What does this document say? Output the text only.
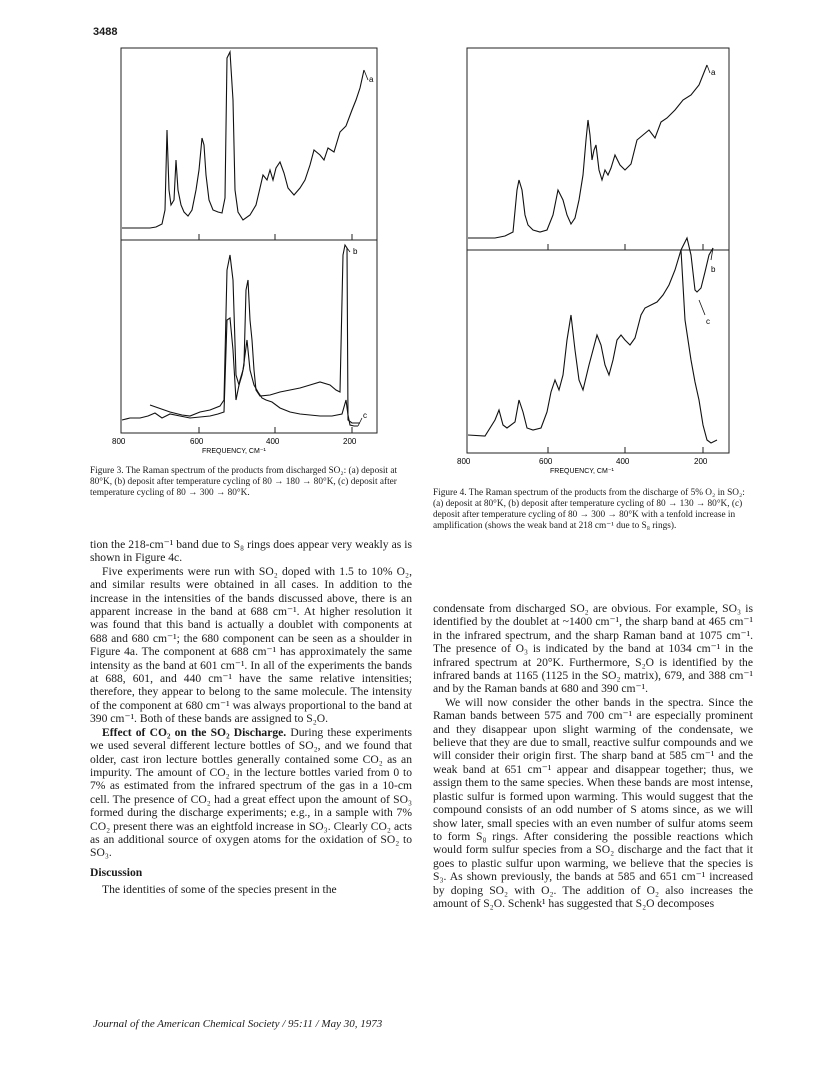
3488
a
b
c
800	600	400	200
FREQUENCY, CM⁻¹
Figure 3. The Raman spectrum of the products from discharged SO₂: (a) deposit at 80°K, (b) deposit after temperature cycling of 80 → 180 → 80°K, (c) deposit after temperature cycling of 80 → 300 → 80°K.
a
b
c
800	600	400	200
FREQUENCY, CM⁻¹
Figure 4. The Raman spectrum of the products from the discharge of 5% O₂ in SO₂: (a) deposit at 80°K, (b) deposit after temperature cycling of 80 → 130 → 80°K, (c) deposit after temperature cycling of 80 → 300 → 80°K with a tenfold increase in amplification (shows the weak band at 218 cm⁻¹ due to S₈ rings).

tion the 218-cm⁻¹ band due to S₈ rings does appear very weakly as is shown in Figure 4c.

Five experiments were run with SO₂ doped with 1.5 to 10% O₂, and similar results were obtained in all cases. In addition to the increase in the intensities of the bands discussed above, there is an apparent increase in the band at 688 cm⁻¹. At higher resolution it was found that this band is actually a doublet with components at 688 and 680 cm⁻¹; the 680 component can be seen as a shoulder in Figure 4a. The component at 688 cm⁻¹ has approximately the same intensity as the band at 601 cm⁻¹. In all of the experiments the bands at 688, 601, and 440 cm⁻¹ have the same relative intensities; therefore, they appear to belong to the same molecule. The intensity of the component at 680 cm⁻¹ was always proportional to the band at 390 cm⁻¹. Both of these bands are assigned to S₂O.

Effect of CO₂ on the SO₂ Discharge. During these experiments we used several different lecture bottles of SO₂, and we found that older, cast iron lecture bottles generally contained some CO₂ as an impurity. The amount of CO₂ in the lecture bottles varied from 0 to 7% as estimated from the infrared spectrum of the gas in a 10-cm cell. The presence of CO₂ had a great effect upon the amount of SO₃ formed during the discharge experiments; e.g., in a sample with 7% CO₂ present there was an eightfold increase in SO₃. Clearly CO₂ acts as an additional source of oxygen atoms for the oxidation of SO₂ to SO₃.

Discussion

The identities of some of the species present in the

condensate from discharged SO₂ are obvious. For example, SO₃ is identified by the doublet at ~1400 cm⁻¹, the sharp band at 465 cm⁻¹ in the infrared spectrum, and the sharp Raman band at 1075 cm⁻¹. The presence of O₃ is indicated by the band at 1034 cm⁻¹ in the infrared spectrum at 20°K. Furthermore, S₂O is identified by the infrared bands at 1165 (1125 in the SO₂ matrix), 679, and 388 cm⁻¹ and by the Raman bands at 680 and 390 cm⁻¹.

We will now consider the other bands in the spectra. Since the Raman bands between 575 and 700 cm⁻¹ are especially prominent and they disappear upon slight warming of the condensate, we believe that they are due to small, reactive sulfur compounds and we will consider their origin first. The sharp band at 585 cm⁻¹ and the weak band at 651 cm⁻¹ appear and disappear together; thus, we assign them to the same species. When these bands are most intense, plastic sulfur is formed upon warming. This would suggest that the compound consists of an odd number of S atoms since, as we will show later, small species with an even number of sulfur atoms seem to form S₈ rings. After considering the possible reactions which would form sulfur species from a SO₂ discharge and the fact that it goes to plastic sulfur upon warming, we believe that the species is S₃. As shown previously, the bands at 585 and 651 cm⁻¹ increased by doping SO₂ with O₂. The addition of O₂ also increases the amount of S₂O. Schenk¹ has suggested that S₂O decomposes

Journal of the American Chemical Society / 95:11 / May 30, 1973
